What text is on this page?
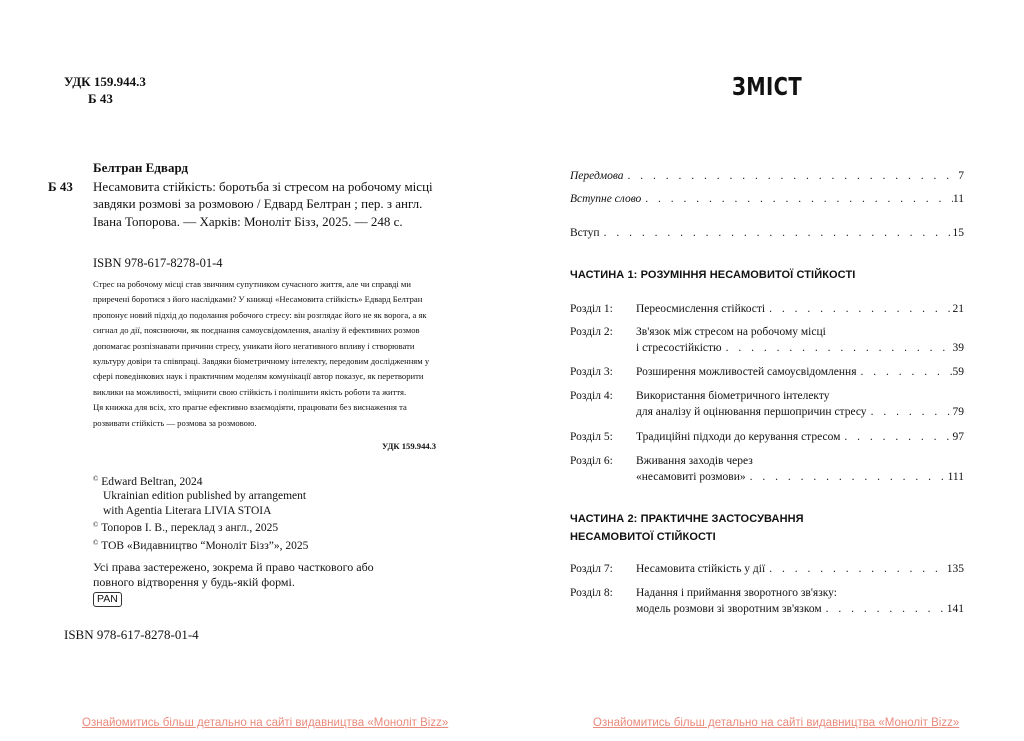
УДК 159.944.3
Б 43
Белтран Едвард
Б 43 Несамовита стійкість: боротьба зі стресом на робочому місці завдяки розмові за розмовою / Едвард Белтран ; пер. з англ. Івана Топорова. — Харків: Моноліт Бізз, 2025. — 248 с.
ISBN 978-617-8278-01-4

Стрес на робочому місці став звичним супутником сучасного життя, але чи справді ми приречені боротися з його наслідками? У книжці «Несамовита стійкість» Едвард Белтран пропонує новий підхід до подолання робочого стресу: він розглядає його не як ворога, а як сигнал до дії, пояснюючи, як поєднання самоусвідомлення, аналізу й ефективних розмов допомагає розпізнавати причини стресу, уникати його негативного впливу і створювати культуру довіри та співпраці. Завдяки біометричному інтелекту, передовим дослідженням у сфері поведінкових наук і практичним моделям комунікації автор показує, як перетворити виклики на можливості, зміцнити свою стійкість і поліпшити якість роботи та життя.

Ця книжка для всіх, хто прагне ефективно взаємодіяти, працювати без виснаження та розвивати стійкість — розмова за розмовою.

УДК 159.944.3
© Edward Beltran, 2024
Ukrainian edition published by arrangement
with Agentia Literara LIVIA STOIA
© Топоров І. В., переклад з англ., 2025
© ТОВ «Видавництво “Моноліт Бізз”», 2025
Усі права застережено, зокрема й право часткового або повного відтворення у будь-якій формі.
PAN
ISBN 978-617-8278-01-4
Ознайомитись більш детально на сайті видавництва «Моноліт Bizz»
ЗМІСТ
Передмова . . .	7
Вступне слово . . .	11
Вступ . . .	15
ЧАСТИНА 1: РОЗУМІННЯ НЕСАМОВИТОЇ СТІЙКОСТІ
Розділ 1: Переосмислення стійкості . . .	21
Розділ 2: Зв'язок між стресом на робочому місці
і стресостійкістю . . .	39
Розділ 3: Розширення можливостей самоусвідомлення . . .	59
Розділ 4: Використання біометричного інтелекту
для аналізу й оцінювання першопричин стресу . . .	79
Розділ 5: Традиційні підходи до керування стресом . . .	97
Розділ 6: Вживання заходів через
«несамовиті розмови» . . .	111
ЧАСТИНА 2: ПРАКТИЧНЕ ЗАСТОСУВАННЯ
НЕСАМОВИТОЇ СТІЙКОСТІ
Розділ 7: Несамовита стійкість у дії . . .	135
Розділ 8: Надання і приймання зворотного зв'язку:
модель розмови зі зворотним зв'язком . . .	141
Ознайомитись більш детально на сайті видавництва «Моноліт Bizz»
